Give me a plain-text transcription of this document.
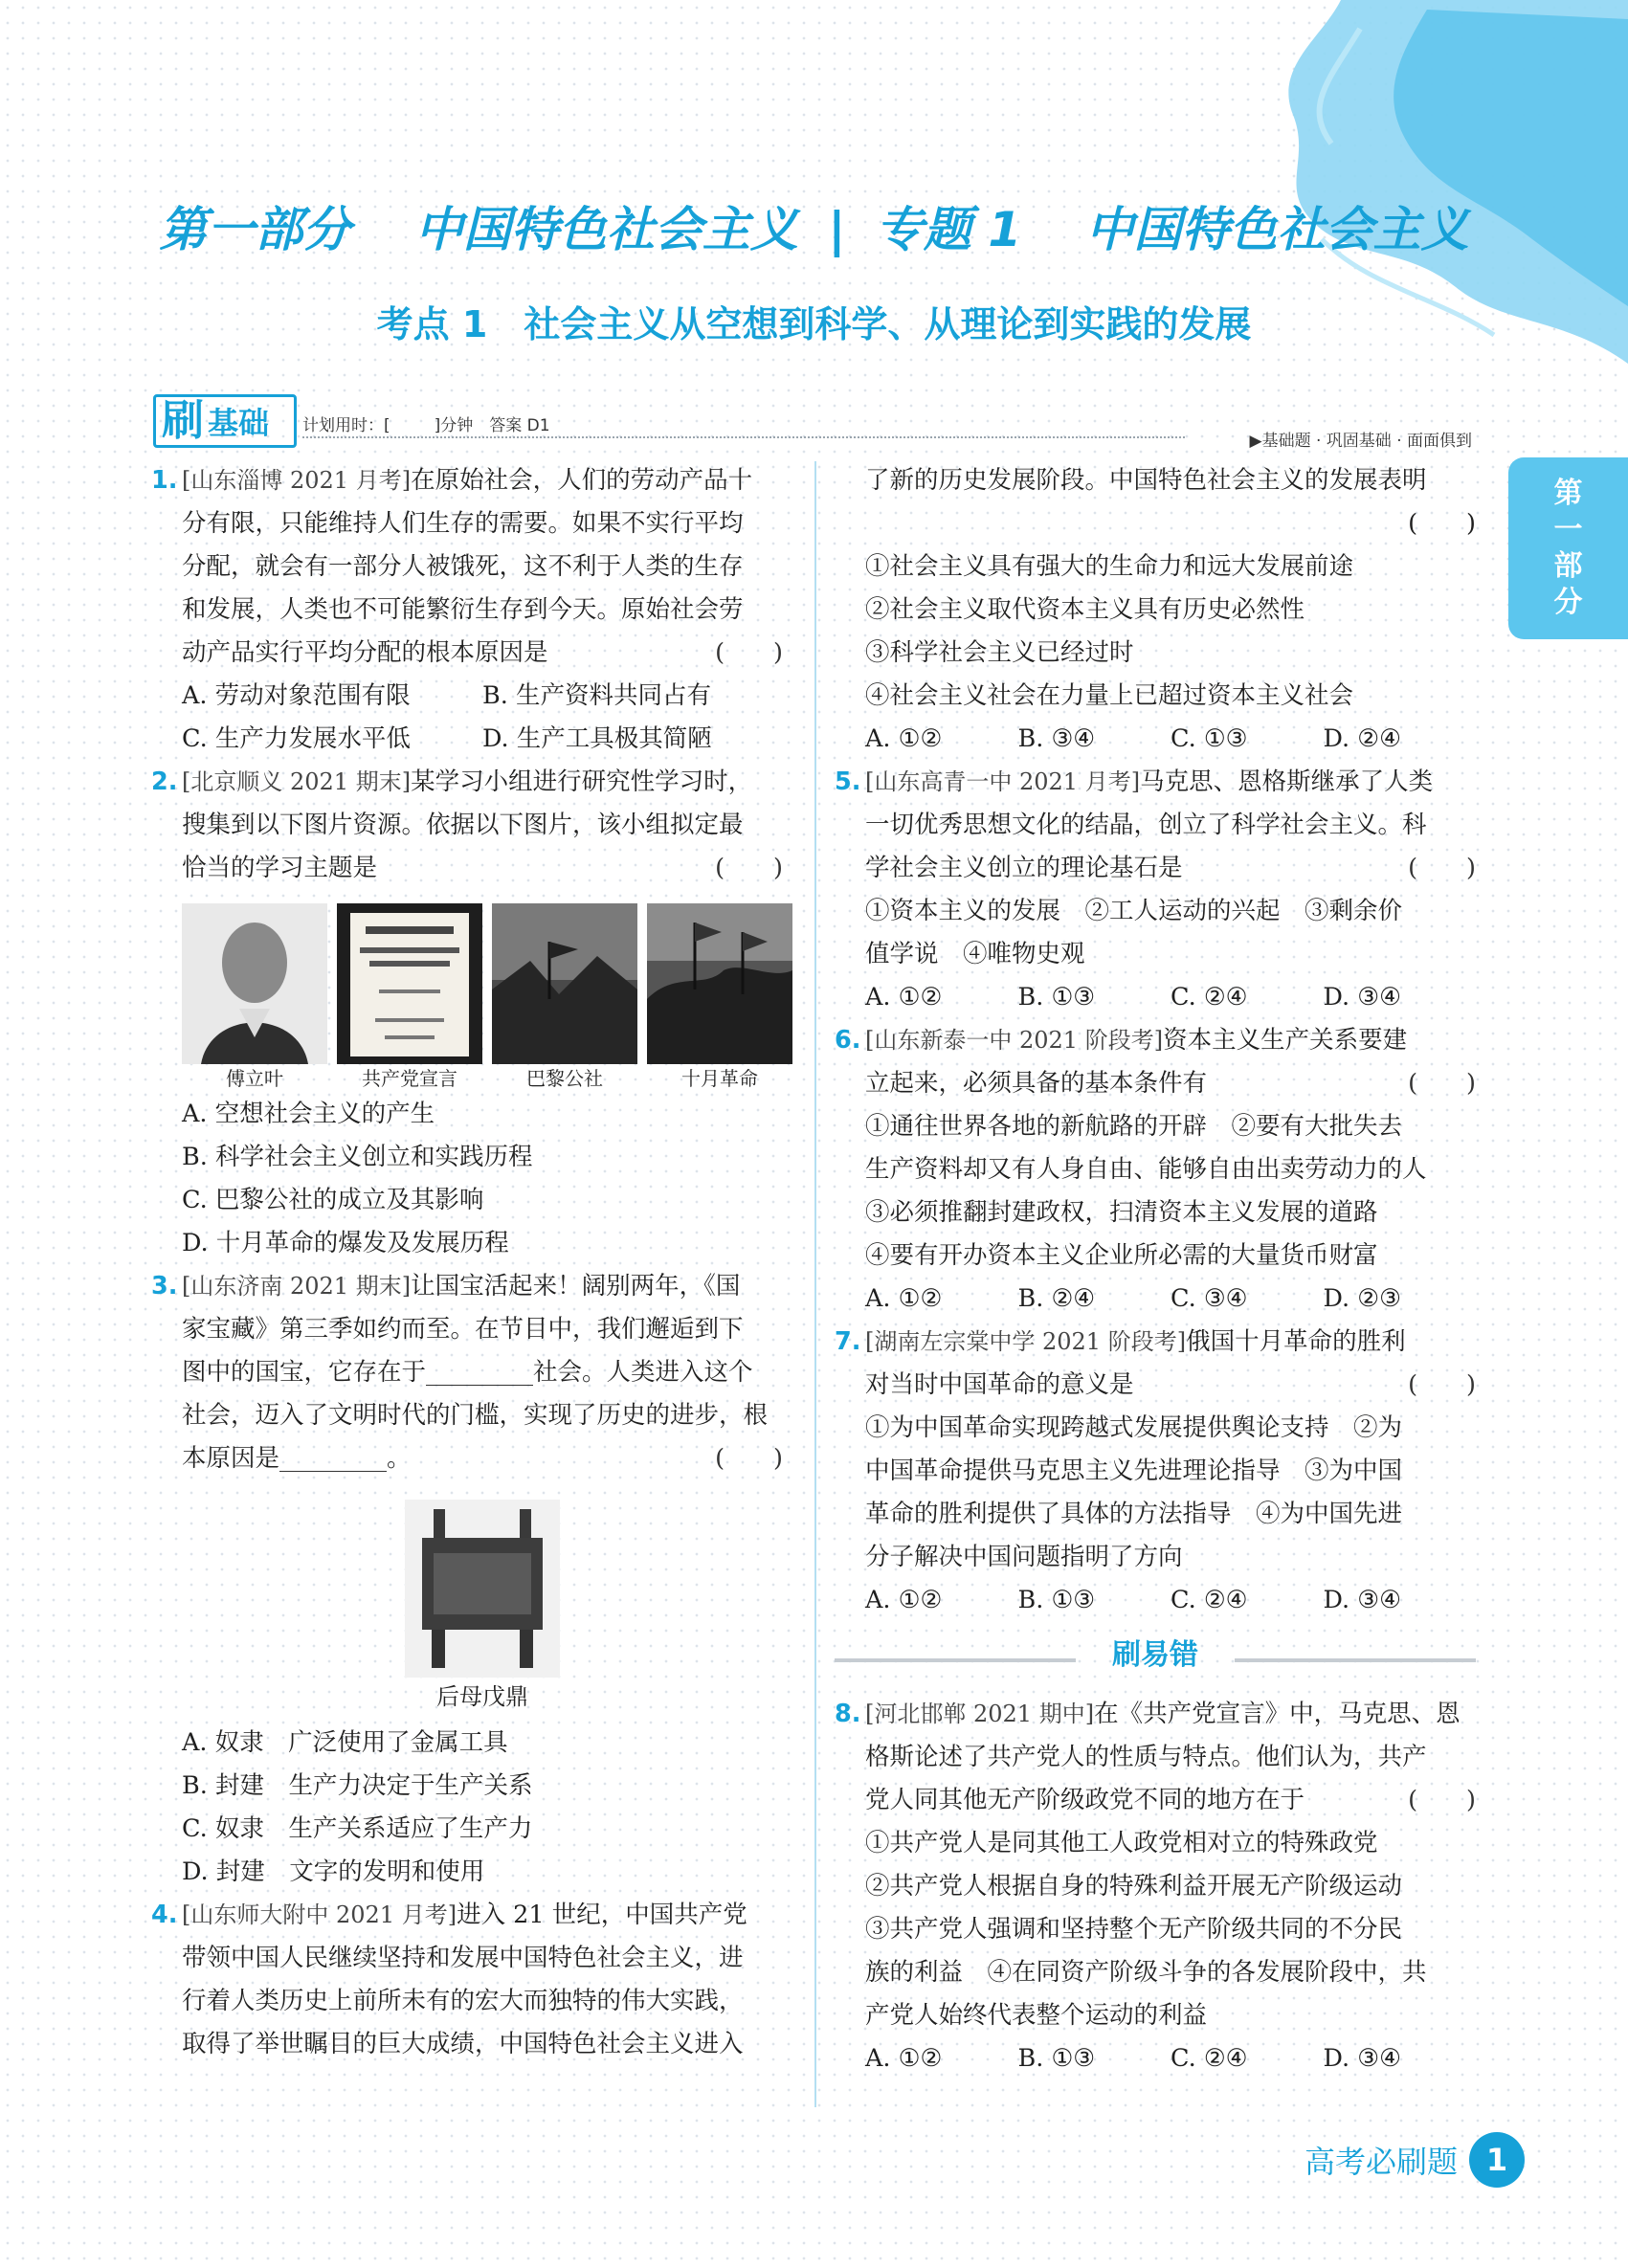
第一部分　 中国特色社会主义 | 专题 1　 中国特色社会主义
考点 1　社会主义从空想到科学、从理论到实践的发展
刷 基础 计划用时：[	]分钟　 答案 D1
▶基础题 · 巩固基础 · 面面俱到
1. [山东淄博 2021 月考]在原始社会，人们的劳动产品十
分有限，只能维持人们生存的需要。如果不实行平均
分配，就会有一部分人被饿死，这不利于人类的生存
和发展，人类也不可能繁衍生存到今天。原始社会劳
动产品实行平均分配的根本原因是	(　　)
A. 劳动对象范围有限	B. 生产资料共同占有
C. 生产力发展水平低	D. 生产工具极其简陋
2. [北京顺义 2021 期末]某学习小组进行研究性学习时，
搜集到以下图片资源。依据以下图片，该小组拟定最
恰当的学习主题是	(　　)
傅立叶	共产党宣言	巴黎公社	十月革命
A. 空想社会主义的产生
B. 科学社会主义创立和实践历程
C. 巴黎公社的成立及其影响
D. 十月革命的爆发及发展历程
3. [山东济南 2021 期末]让国宝活起来！阔别两年，《国
家宝藏》第三季如约而至。在节目中，我们邂逅到下
图中的国宝，它存在于	社会。人类进入这个
社会，迈入了文明时代的门槛，实现了历史的进步，根
本原因是	。	(　　)
后母戊鼎
A. 奴隶　广泛使用了金属工具
B. 封建　生产力决定于生产关系
C. 奴隶　生产关系适应了生产力
D. 封建　文字的发明和使用
4. [山东师大附中 2021 月考]进入 21 世纪，中国共产党
带领中国人民继续坚持和发展中国特色社会主义，进
行着人类历史上前所未有的宏大而独特的伟大实践，
取得了举世瞩目的巨大成绩，中国特色社会主义进入
了新的历史发展阶段。中国特色社会主义的发展表明
(　　)
①社会主义具有强大的生命力和远大发展前途
②社会主义取代资本主义具有历史必然性
③科学社会主义已经过时
④社会主义社会在力量上已超过资本主义社会
A. ①②	B. ③④	C. ①③	D. ②④
5. [山东高青一中 2021 月考]马克思、恩格斯继承了人类
一切优秀思想文化的结晶，创立了科学社会主义。科
学社会主义创立的理论基石是	(　　)
①资本主义的发展　②工人运动的兴起　③剩余价
值学说　④唯物史观
A. ①②	B. ①③	C. ②④	D. ③④
6. [山东新泰一中 2021 阶段考]资本主义生产关系要建
立起来，必须具备的基本条件有	(　　)
①通往世界各地的新航路的开辟　②要有大批失去
生产资料却又有人身自由、能够自由出卖劳动力的人
③必须推翻封建政权，扫清资本主义发展的道路
④要有开办资本主义企业所必需的大量货币财富
A. ①②	B. ②④	C. ③④	D. ②③
7. [湖南左宗棠中学 2021 阶段考]俄国十月革命的胜利
对当时中国革命的意义是	(　　)
①为中国革命实现跨越式发展提供舆论支持　②为
中国革命提供马克思主义先进理论指导　③为中国
革命的胜利提供了具体的方法指导　④为中国先进
分子解决中国问题指明了方向
A. ①②	B. ①③	C. ②④	D. ③④
刷易错
8. [河北邯郸 2021 期中]在《共产党宣言》中，马克思、恩
格斯论述了共产党人的性质与特点。他们认为，共产
党人同其他无产阶级政党不同的地方在于	(　　)
①共产党人是同其他工人政党相对立的特殊政党
②共产党人根据自身的特殊利益开展无产阶级运动
③共产党人强调和坚持整个无产阶级共同的不分民
族的利益　④在同资产阶级斗争的各发展阶段中，共
产党人始终代表整个运动的利益
A. ①②	B. ①③	C. ②④	D. ③④
第
一
部
分
高考必刷题 1
